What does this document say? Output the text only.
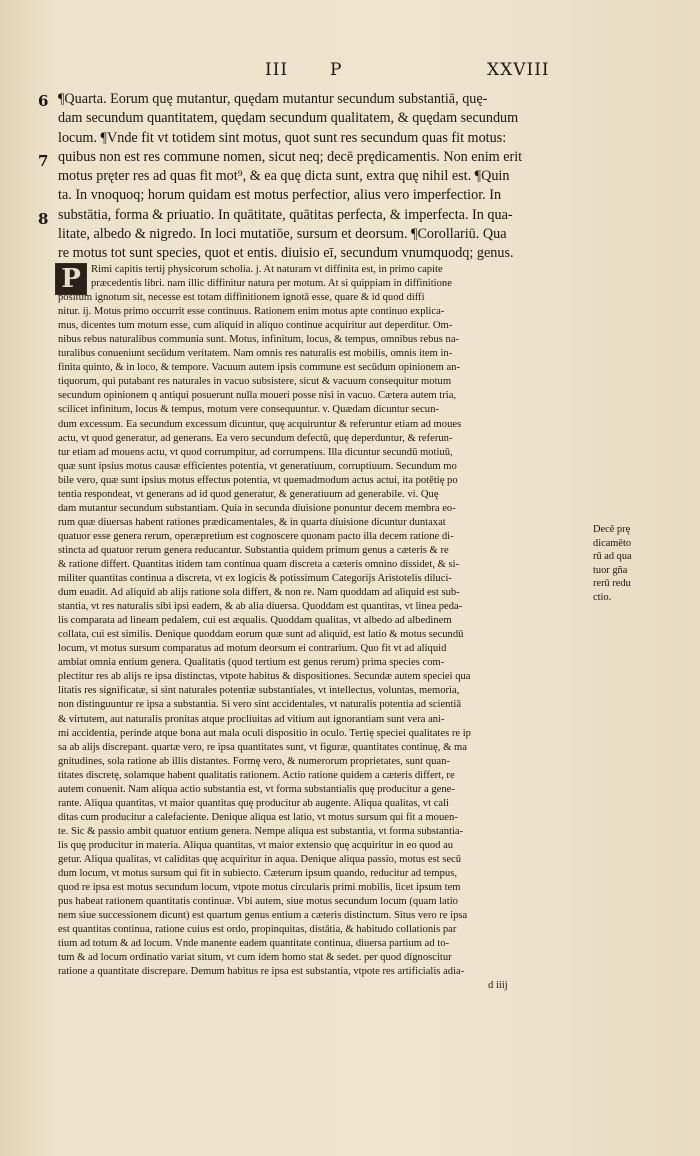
III P	XXVIII
6
7
8
¶Quarta. Eorum quę mutantur, quędam mutantur secundum substantiā, quę-
dam secundum quantitatem, quędam secundum qualitatem, & quędam secundum
locum. ¶Vnde fit vt totidem sint motus, quot sunt res secundum quas fit motus:
quibus non est res commune nomen, sicut neq; decē prędicamentis. Non enim erit
motus pręter res ad quas fit mot⁹, & ea quę dicta sunt, extra quę nihil est. ¶Quin
ta. In vnoquoq; horum quidam est motus perfectior, alius vero imperfectior. In
substātia, forma & priuatio. In quātitate, quātitas perfecta, & imperfecta. In qua-
litate, albedo & nigredo. In loci mutatiōe, sursum et deorsum. ¶Corollariū. Qua
re motus tot sunt species, quot et entis. diuisio eī, secundum vnumquodq; genus.
P Rimi capitis tertij physicorum scholia. j. At naturam vt diffinita est, in primo capite
præcedentis libri. nam illic diffinitur natura per motum. At si quippiam in diffinitione
positum ignotum sit, necesse est totam diffinitionem ignotā esse, quare & id quod diffi
nitur. ij. Motus primo occurrit esse continuus. Rationem enim motus apte continuo explica-
mus, dicentes tum motum esse, cum aliquid in aliquo continue acquiritur aut deperditur. Om-
nibus rebus naturalibus communia sunt. Motus, infinitum, locus, & tempus, omnibus rebus na-
turalibus conueniunt secūdum veritatem. Nam omnis res naturalis est mobilis, omnis item in-
finita quinto, & in loco, & tempore. Vacuum autem ipsis commune est secūdum opinionem an-
tiquorum, qui putabant res naturales in vacuo subsistere, sicut & vacuum consequitur motum
secundum opinionem q antiqui posuerunt nulla moueri posse nisi in vacuo. Cætera autem tria,
scilicet infinitum, locus & tempus, motum vere consequuntur. v. Quædam dicuntur secun-
dum excessum. Ea secundum excessum dicuntur, quę acquiruntur & referuntur etiam ad moues
actu, vt quod generatur, ad generans. Ea vero secundum defectū, quę deperduntur, & referun-
tur etiam ad mouens actu, vt quod corrumpitur, ad corrumpens. Illa dicuntur secundū motiuū,
quæ sunt ipsius motus causæ efficientes potentia, vt generatiuum, corruptiuum. Secundum mo
bile vero, quæ sunt ipsius motus effectus potentia, vt quemadmodum actus actui, ita potētię po
tentia respondeat, vt generans ad id quod generatur, & generatiuum ad generabile. vi. Quę
dam mutantur secundum substantiam. Quia in secunda diuisione ponuntur decem membra eo-
rum quæ diuersas habent rationes prædicamentales, & in quarta diuisione dicuntur duntaxat
quatuor esse genera rerum, operæpretium est cognoscere quonam pacto illa decem ratione di-
stincta ad quatuor rerum genera reducantur. Substantia quidem primum genus a cæteris & re
& ratione differt. Quantitas itidem tam continua quam discreta a cæteris omnino dissidet, & si-
militer quantitas continua a discreta, vt ex logicis & potissimum Categorijs Aristotelis diluci-
dum euadit. Ad aliquid ab alijs ratione sola differt, & non re. Nam quoddam ad aliquid est sub-
stantia, vt res naturalis sibi ipsi eadem, & ab alia diuersa. Quoddam est quantitas, vt linea peda-
lis comparata ad lineam pedalem, cui est æqualis. Quoddam qualitas, vt albedo ad albedinem
collata, cui est similis. Denique quoddam eorum quæ sunt ad aliquid, est latio & motus secundū
locum, vt motus sursum comparatus ad motum deorsum ei contrarium. Quo fit vt ad aliquid
ambiat omnia entium genera. Qualitatis (quod tertium est genus rerum) prima species com-
plectitur res ab alijs re ipsa distinctas, vtpote habitus & dispositiones. Secundæ autem speciei qua
litatis res significatæ, si sint naturales potentiæ substantiales, vt intellectus, voluntas, memoria,
non distinguuntur re ipsa a substantia. Si vero sint accidentales, vt naturalis potentia ad scientiā
& virtutem, aut naturalis pronitas atque procliuitas ad vitium aut ignorantiam sunt vera ani-
mi accidentia, perinde atque bona aut mala oculi dispositio in oculo. Tertię speciei qualitates re ip
sa ab alijs discrepant. quartæ vero, re ipsa quantitates sunt, vt figuræ, quantitates continuę, & ma
gnitudines, sola ratione ab illis distantes. Formę vero, & numerorum proprietates, sunt quan-
titates discretę, solamque habent qualitatis rationem. Actio ratione quidem a cæteris differt, re
autem conuenit. Nam aliqua actio substantia est, vt forma substantialis quę producitur a gene-
rante. Aliqua quantitas, vt maior quantitas quę producitur ab augente. Aliqua qualitas, vt cali
ditas cum producitur a calefaciente. Denique aliqua est latio, vt motus sursum qui fit a mouen-
te. Sic & passio ambit quatuor entium genera. Nempe aliqua est substantia, vt forma substantia-
lis quę producitur in materia. Aliqua quantitas, vt maior extensio quę acquiritur in eo quod au
getur. Aliqua qualitas, vt caliditas quę acquiritur in aqua. Denique aliqua passio, motus est secū
dum locum, vt motus sursum qui fit in subiecto. Cæterum ipsum quando, reducitur ad tempus,
quod re ipsa est motus secundum locum, vtpote motus circularis primi mobilis, licet ipsum tem
pus habeat rationem quantitatis continuæ. Vbi autem, siue motus secundum locum (quam latio
nem siue successionem dicunt) est quartum genus entium a cæteris distinctum. Situs vero re ipsa
est quantitas continua, ratione cuius est ordo, propinquitas, distātia, & habitudo collationis par
tium ad totum & ad locum. Vnde manente eadem quantitate continua, diuersa partium ad to-
tum & ad locum ordinatio variat situm, vt cum idem homo stat & sedet. per quod dignoscitur
ratione a quantitate discrepare. Demum habitus re ipsa est substantia, vtpote res artificialis adia-
d iiij
Decē prę
dicamēto
rū ad qua
tuor gña
rerū redu
ctio.
